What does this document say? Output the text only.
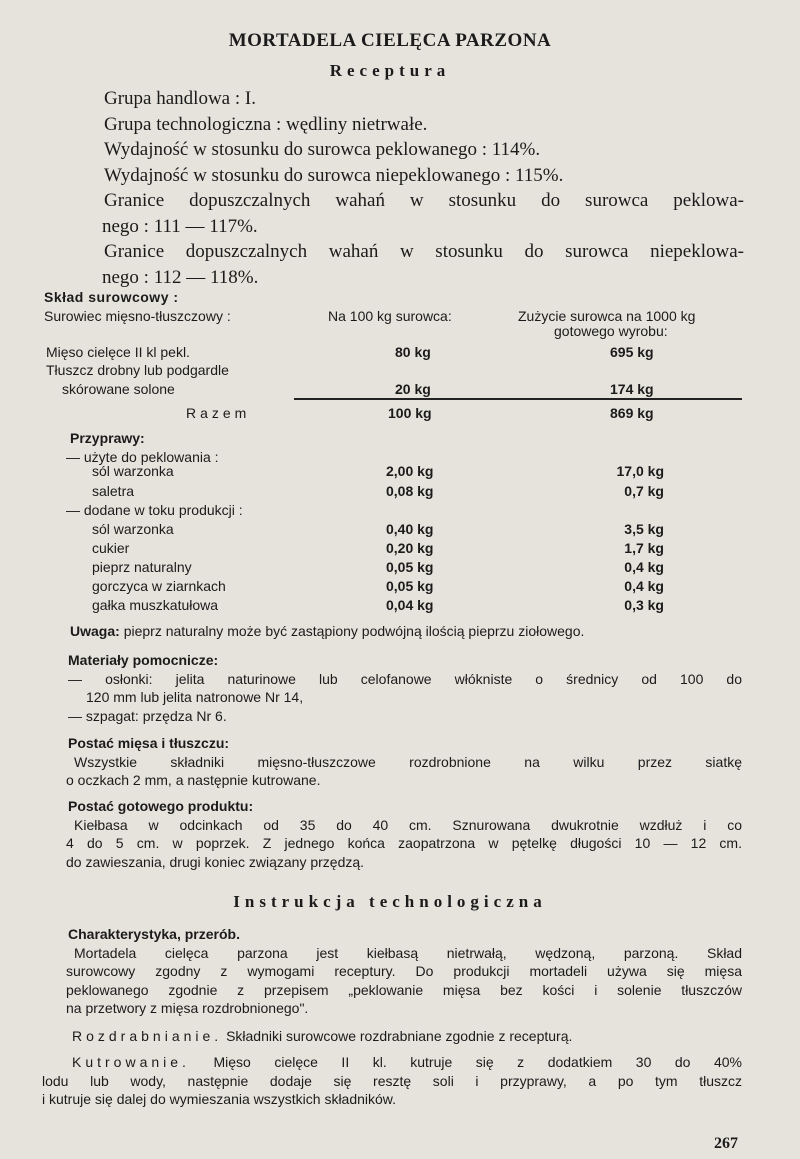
MORTADELA CIELĘCA PARZONA
Receptura

Grupa handlowa : I.

Grupa technologiczna : wędliny nietrwałe.

Wydajność w stosunku do surowca peklowanego : 114%.

Wydajność w stosunku do surowca niepeklowanego : 115%.

Granice dopuszczalnych wahań w stosunku do surowca peklowa-

nego : 111 — 117%.

Granice dopuszczalnych wahań w stosunku do surowca niepeklowa-

nego : 112 — 118%.

Skład surowcowy :
Surowiec mięsno-tłuszczowy :	Na 100 kg surowca:	Zużycie surowca na 1000 kg
gotowego wyrobu:
Mięso cielęce II kl pekl.	80 kg	695 kg
Tłuszcz drobny lub podgardle
skórowane solone	20 kg	174 kg
Razem	100 kg	869 kg
Przyprawy:
— użyte do peklowania :
sól warzonka	2,00 kg	17,0 kg
saletra	0,08 kg	0,7 kg
— dodane w toku produkcji :
sól warzonka	0,40 kg	3,5 kg
cukier	0,20 kg	1,7 kg
pieprz naturalny	0,05 kg	0,4 kg
gorczyca w ziarnkach	0,05 kg	0,4 kg
gałka muszkatułowa	0,04 kg	0,3 kg
Uwaga: pieprz naturalny może być zastąpiony podwójną ilością pieprzu ziołowego.

Materiały pomocnicze:

— osłonki: jelita naturinowe lub celofanowe włókniste o średnicy od 100 do

120 mm lub jelita natronowe Nr 14,

— szpagat: przędza Nr 6.

Postać mięsa i tłuszczu:

Wszystkie składniki mięsno-tłuszczowe rozdrobnione na wilku przez siatkę

o oczkach 2 mm, a następnie kutrowane.

Postać gotowego produktu:

Kiełbasa w odcinkach od 35 do 40 cm. Sznurowana dwukrotnie wzdłuż i co

4 do 5 cm. w poprzek. Z jednego końca zaopatrzona w pętelkę długości 10 — 12 cm.

do zawieszania, drugi koniec związany przędzą.

Instrukcja technologiczna

Charakterystyka, przerób.

Mortadela cielęca parzona jest kiełbasą nietrwałą, wędzoną, parzoną. Skład

surowcowy zgodny z wymogami receptury. Do produkcji mortadeli używa się mięsa

peklowanego zgodnie z przepisem „peklowanie mięsa bez kości i solenie tłuszczów

na przetwory z mięsa rozdrobnionego".

Rozdrabnianie. Składniki surowcowe rozdrabniane zgodnie z recepturą.

Kutrowanie. Mięso cielęce II kl. kutruje się z dodatkiem 30 do 40%

lodu lub wody, następnie dodaje się resztę soli i przyprawy, a po tym tłuszcz

i kutruje się dalej do wymieszania wszystkich składników.

267
